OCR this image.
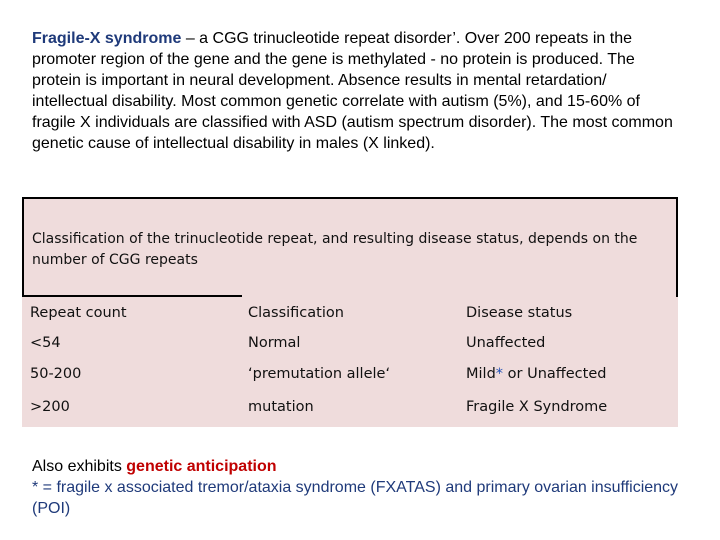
Fragile-X syndrome – a CGG trinucleotide repeat disorder’. Over 200 repeats in the promoter region of the gene and the gene is methylated - no protein is produced. The protein is important in neural development. Absence results in mental retardation/ intellectual disability. Most common genetic correlate with autism (5%), and 15-60% of fragile X individuals are classified with ASD (autism spectrum disorder). The most common genetic cause of intellectual disability in males (X linked).
Classification of the trinucleotide repeat, and resulting disease status, depends on the number of CGG repeats
Repeat count	Classification	Disease status
<54	Normal	Unaffected
50-200	‘premutation allele‘	Mild* or Unaffected
>200	mutation	Fragile X Syndrome
Also exhibits genetic anticipation
* = fragile x associated tremor/ataxia syndrome (FXATAS) and primary ovarian insufficiency (POI)
